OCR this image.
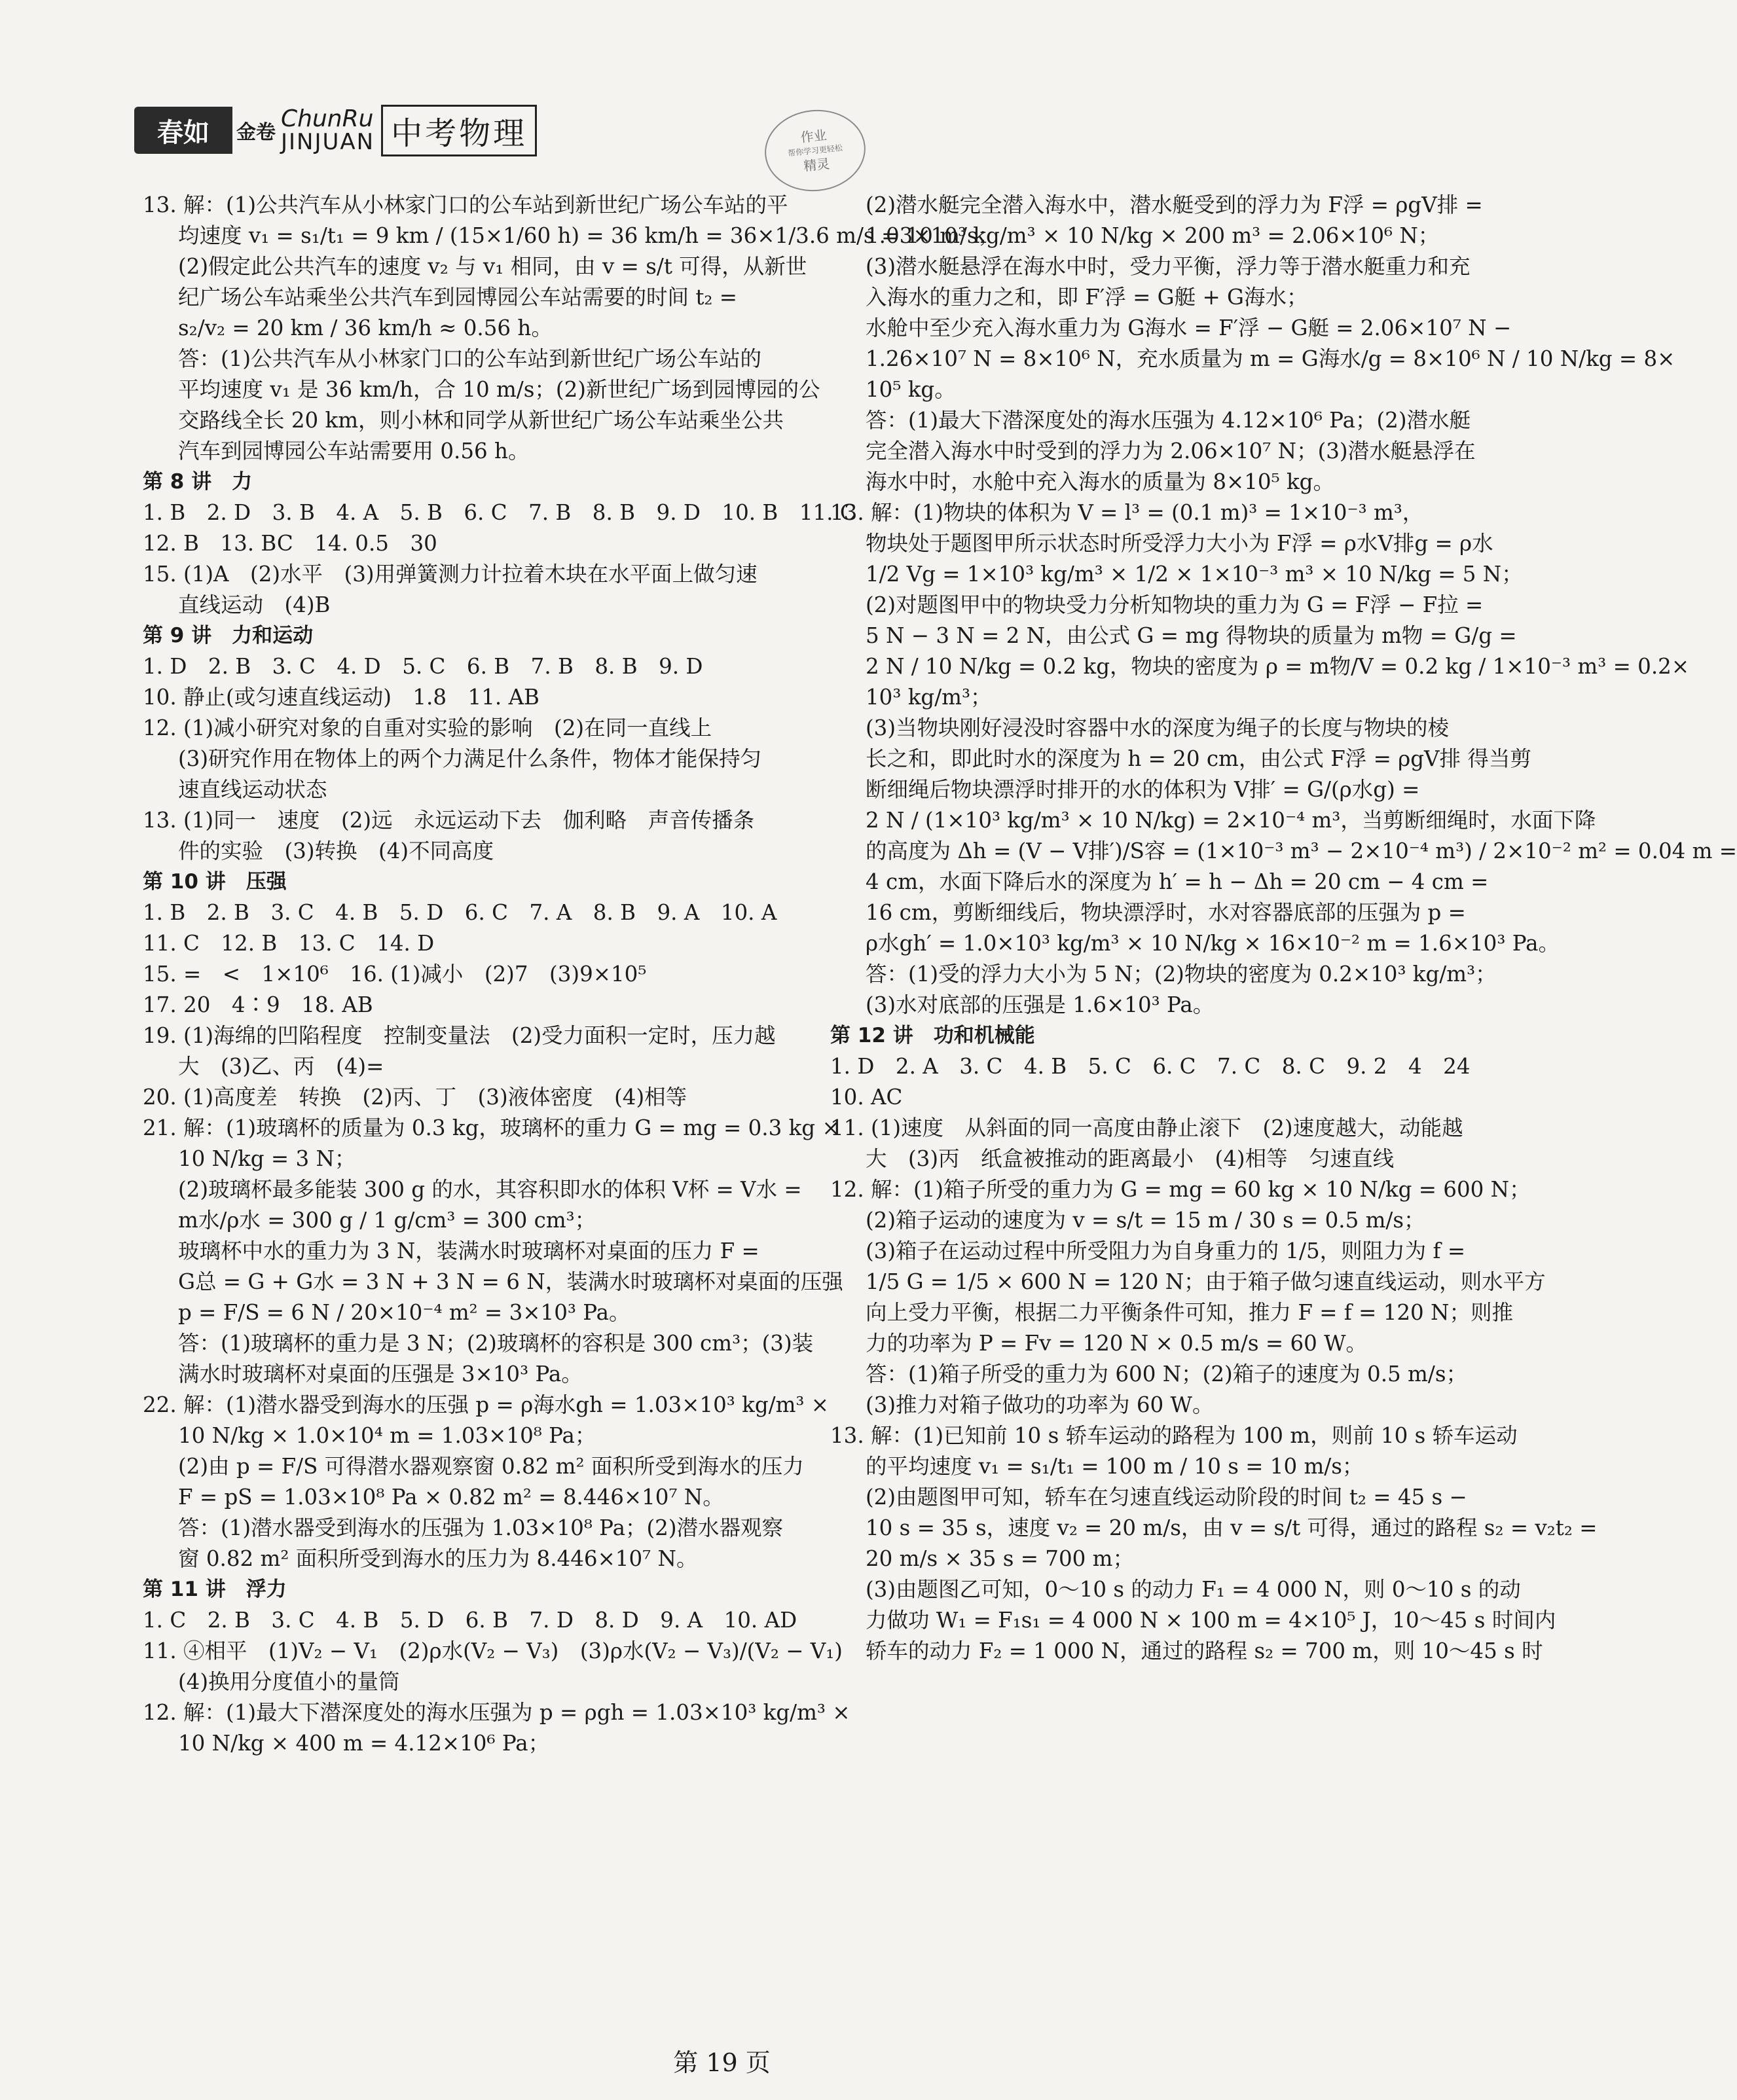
春如	金卷
ChunRu
JINJUAN 中考物理	作业
帮你学习更轻松
精灵
13. 解：(1)公共汽车从小林家门口的公车站到新世纪广场公车站的平
均速度 v₁ = s₁/t₁ = 9 km / (15×1/60 h) = 36 km/h = 36×1/3.6 m/s = 10 m/s；
(2)假定此公共汽车的速度 v₂ 与 v₁ 相同，由 v = s/t 可得，从新世
纪广场公车站乘坐公共汽车到园博园公车站需要的时间 t₂ =
s₂/v₂ = 20 km / 36 km/h ≈ 0.56 h。
答：(1)公共汽车从小林家门口的公车站到新世纪广场公车站的
平均速度 v₁ 是 36 km/h，合 10 m/s；(2)新世纪广场到园博园的公
交路线全长 20 km，则小林和同学从新世纪广场公车站乘坐公共
汽车到园博园公车站需要用 0.56 h。
第 8 讲　力
1. B　2. D　3. B　4. A　5. B　6. C　7. B　8. B　9. D　10. B　11. C
12. B　13. BC　14. 0.5　30
15. (1)A　(2)水平　(3)用弹簧测力计拉着木块在水平面上做匀速
直线运动　(4)B
第 9 讲　力和运动
1. D　2. B　3. C　4. D　5. C　6. B　7. B　8. B　9. D
10. 静止(或匀速直线运动)　1.8　11. AB
12. (1)减小研究对象的自重对实验的影响　(2)在同一直线上
(3)研究作用在物体上的两个力满足什么条件，物体才能保持匀
速直线运动状态
13. (1)同一　速度　(2)远　永远运动下去　伽利略　声音传播条
件的实验　(3)转换　(4)不同高度
第 10 讲　压强
1. B　2. B　3. C　4. B　5. D　6. C　7. A　8. B　9. A　10. A
11. C　12. B　13. C　14. D
15. =　<　1×10⁶　16. (1)减小　(2)7　(3)9×10⁵
17. 20　4∶9　18. AB
19. (1)海绵的凹陷程度　控制变量法　(2)受力面积一定时，压力越
大　(3)乙、丙　(4)=
20. (1)高度差　转换　(2)丙、丁　(3)液体密度　(4)相等
21. 解：(1)玻璃杯的质量为 0.3 kg，玻璃杯的重力 G = mg = 0.3 kg ×
10 N/kg = 3 N；
(2)玻璃杯最多能装 300 g 的水，其容积即水的体积 V杯 = V水 =
m水/ρ水 = 300 g / 1 g/cm³ = 300 cm³；
玻璃杯中水的重力为 3 N，装满水时玻璃杯对桌面的压力 F =
G总 = G + G水 = 3 N + 3 N = 6 N，装满水时玻璃杯对桌面的压强
p = F/S = 6 N / 20×10⁻⁴ m² = 3×10³ Pa。
答：(1)玻璃杯的重力是 3 N；(2)玻璃杯的容积是 300 cm³；(3)装
满水时玻璃杯对桌面的压强是 3×10³ Pa。
22. 解：(1)潜水器受到海水的压强 p = ρ海水gh = 1.03×10³ kg/m³ ×
10 N/kg × 1.0×10⁴ m = 1.03×10⁸ Pa；
(2)由 p = F/S 可得潜水器观察窗 0.82 m² 面积所受到海水的压力
F = pS = 1.03×10⁸ Pa × 0.82 m² = 8.446×10⁷ N。
答：(1)潜水器受到海水的压强为 1.03×10⁸ Pa；(2)潜水器观察
窗 0.82 m² 面积所受到海水的压力为 8.446×10⁷ N。
第 11 讲　浮力
1. C　2. B　3. C　4. B　5. D　6. B　7. D　8. D　9. A　10. AD
11. ④相平　(1)V₂ − V₁　(2)ρ水(V₂ − V₃)　(3)ρ水(V₂ − V₃)/(V₂ − V₁)
(4)换用分度值小的量筒
12. 解：(1)最大下潜深度处的海水压强为 p = ρgh = 1.03×10³ kg/m³ ×
10 N/kg × 400 m = 4.12×10⁶ Pa；
(2)潜水艇完全潜入海水中，潜水艇受到的浮力为 F浮 = ρgV排 =
1.03×10³ kg/m³ × 10 N/kg × 200 m³ = 2.06×10⁶ N；
(3)潜水艇悬浮在海水中时，受力平衡，浮力等于潜水艇重力和充
入海水的重力之和，即 F′浮 = G艇 + G海水；
水舱中至少充入海水重力为 G海水 = F′浮 − G艇 = 2.06×10⁷ N −
1.26×10⁷ N = 8×10⁶ N，充水质量为 m = G海水/g = 8×10⁶ N / 10 N/kg = 8×
10⁵ kg。
答：(1)最大下潜深度处的海水压强为 4.12×10⁶ Pa；(2)潜水艇
完全潜入海水中时受到的浮力为 2.06×10⁷ N；(3)潜水艇悬浮在
海水中时，水舱中充入海水的质量为 8×10⁵ kg。
13. 解：(1)物块的体积为 V = l³ = (0.1 m)³ = 1×10⁻³ m³，
物块处于题图甲所示状态时所受浮力大小为 F浮 = ρ水V排g = ρ水
1/2 Vg = 1×10³ kg/m³ × 1/2 × 1×10⁻³ m³ × 10 N/kg = 5 N；
(2)对题图甲中的物块受力分析知物块的重力为 G = F浮 − F拉 =
5 N − 3 N = 2 N，由公式 G = mg 得物块的质量为 m物 = G/g =
2 N / 10 N/kg = 0.2 kg，物块的密度为 ρ = m物/V = 0.2 kg / 1×10⁻³ m³ = 0.2×
10³ kg/m³；
(3)当物块刚好浸没时容器中水的深度为绳子的长度与物块的棱
长之和，即此时水的深度为 h = 20 cm，由公式 F浮 = ρgV排 得当剪
断细绳后物块漂浮时排开的水的体积为 V排′ = G/(ρ水g) =
2 N / (1×10³ kg/m³ × 10 N/kg) = 2×10⁻⁴ m³，当剪断细绳时，水面下降
的高度为 Δh = (V − V排′)/S容 = (1×10⁻³ m³ − 2×10⁻⁴ m³) / 2×10⁻² m² = 0.04 m =
4 cm，水面下降后水的深度为 h′ = h − Δh = 20 cm − 4 cm =
16 cm，剪断细线后，物块漂浮时，水对容器底部的压强为 p =
ρ水gh′ = 1.0×10³ kg/m³ × 10 N/kg × 16×10⁻² m = 1.6×10³ Pa。
答：(1)受的浮力大小为 5 N；(2)物块的密度为 0.2×10³ kg/m³；
(3)水对底部的压强是 1.6×10³ Pa。
第 12 讲　功和机械能
1. D　2. A　3. C　4. B　5. C　6. C　7. C　8. C　9. 2　4　24
10. AC
11. (1)速度　从斜面的同一高度由静止滚下　(2)速度越大，动能越
大　(3)丙　纸盒被推动的距离最小　(4)相等　匀速直线
12. 解：(1)箱子所受的重力为 G = mg = 60 kg × 10 N/kg = 600 N；
(2)箱子运动的速度为 v = s/t = 15 m / 30 s = 0.5 m/s；
(3)箱子在运动过程中所受阻力为自身重力的 1/5，则阻力为 f =
1/5 G = 1/5 × 600 N = 120 N；由于箱子做匀速直线运动，则水平方
向上受力平衡，根据二力平衡条件可知，推力 F = f = 120 N；则推
力的功率为 P = Fv = 120 N × 0.5 m/s = 60 W。
答：(1)箱子所受的重力为 600 N；(2)箱子的速度为 0.5 m/s；
(3)推力对箱子做功的功率为 60 W。
13. 解：(1)已知前 10 s 轿车运动的路程为 100 m，则前 10 s 轿车运动
的平均速度 v₁ = s₁/t₁ = 100 m / 10 s = 10 m/s；
(2)由题图甲可知，轿车在匀速直线运动阶段的时间 t₂ = 45 s −
10 s = 35 s，速度 v₂ = 20 m/s，由 v = s/t 可得，通过的路程 s₂ = v₂t₂ =
20 m/s × 35 s = 700 m；
(3)由题图乙可知，0～10 s 的动力 F₁ = 4 000 N，则 0～10 s 的动
力做功 W₁ = F₁s₁ = 4 000 N × 100 m = 4×10⁵ J，10～45 s 时间内
轿车的动力 F₂ = 1 000 N，通过的路程 s₂ = 700 m，则 10～45 s 时
第 19 页
